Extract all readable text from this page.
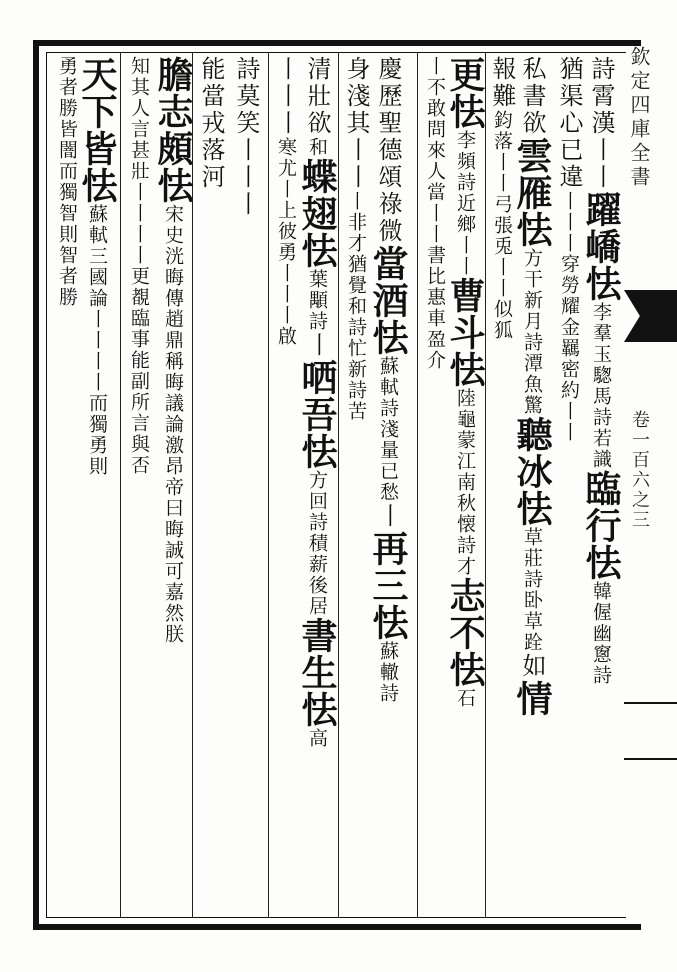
欽定四庫全書
卷一百六之三
詩霄漢丨丨躍嶠怯李羣玉騘馬詩若識臨行怯韓偓幽窻詩
猶渠心已違丨丨丨穿勞耀金羈密約丨丨
私書欲雲雁怯方干新月詩潭魚驚聽冰怯草莊詩卧草跧如情
報難鈞落丨丨弓張兎丨丨似狐
更怯李頻詩近鄉丨丨曹斗怯陸龜蒙江南秋懐詩才志不怯石
丨不敢問來人當丨丨書比惠車盈介
慶歷聖德頌祿微當酒怯蘇軾詩淺量已愁丨再三怯蘇轍詩
身淺其丨丨丨非才猶覺和詩忙新詩苦
清壯欲和蝶翅怯葉顒詩丨哂吾怯方回詩積薪後居書生怯高
丨丨丨寒尤丨上彼勇丨丨丨啟
詩莫笑丨丨丨
能當戎落河
膽志頗怯宋史洸晦傳趙鼎稱晦議論激昂帝曰晦誠可嘉然朕
知其人言甚壯丨丨丨丨更覩臨事能副所言與否
天下皆怯蘇軾三國論丨丨丨丨而獨勇則
勇者勝皆闇而獨智則智者勝
